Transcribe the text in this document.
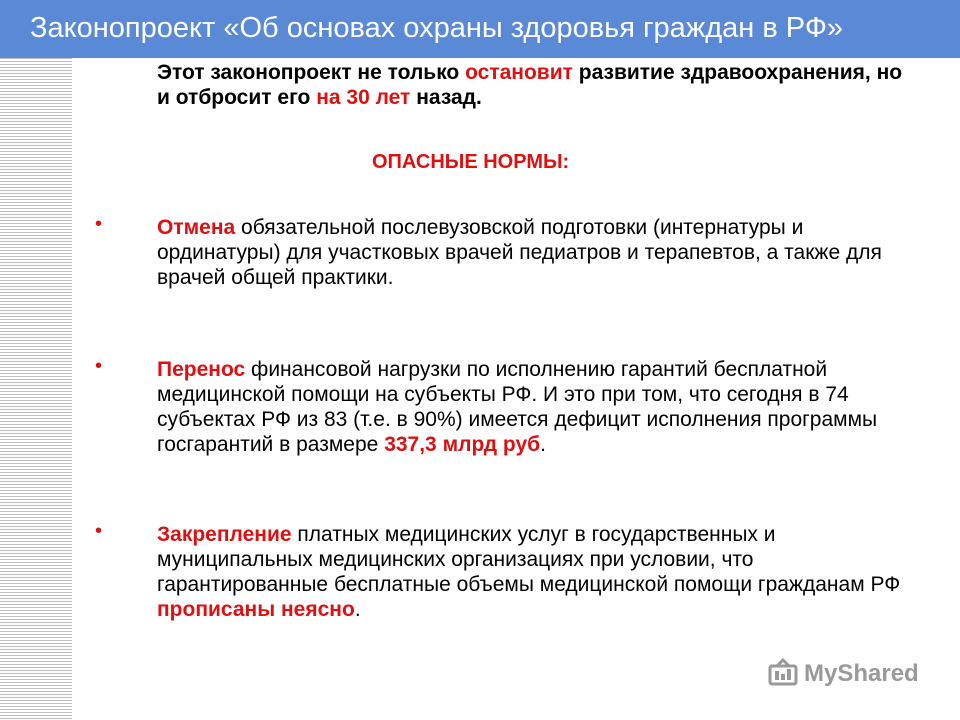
Законопроект «Об основах охраны здоровья граждан в РФ»
Этот законопроект не только остановит развитие здравоохранения, но и отбросит его на 30 лет назад.
ОПАСНЫЕ НОРМЫ:
•	Отмена обязательной послевузовской подготовки (интернатуры и ординатуры) для участковых врачей педиатров и терапевтов, а также для врачей общей практики.
•	Перенос финансовой нагрузки по исполнению гарантий бесплатной медицинской помощи на субъекты РФ. И это при том, что сегодня в 74 субъектах РФ из 83 (т.е. в 90%) имеется дефицит исполнения программы госгарантий в размере 337,3 млрд руб.
•	Закрепление платных медицинских услуг в государственных и муниципальных медицинских организациях при условии, что гарантированные бесплатные объемы медицинской помощи гражданам РФ прописаны неясно.
MyShared
